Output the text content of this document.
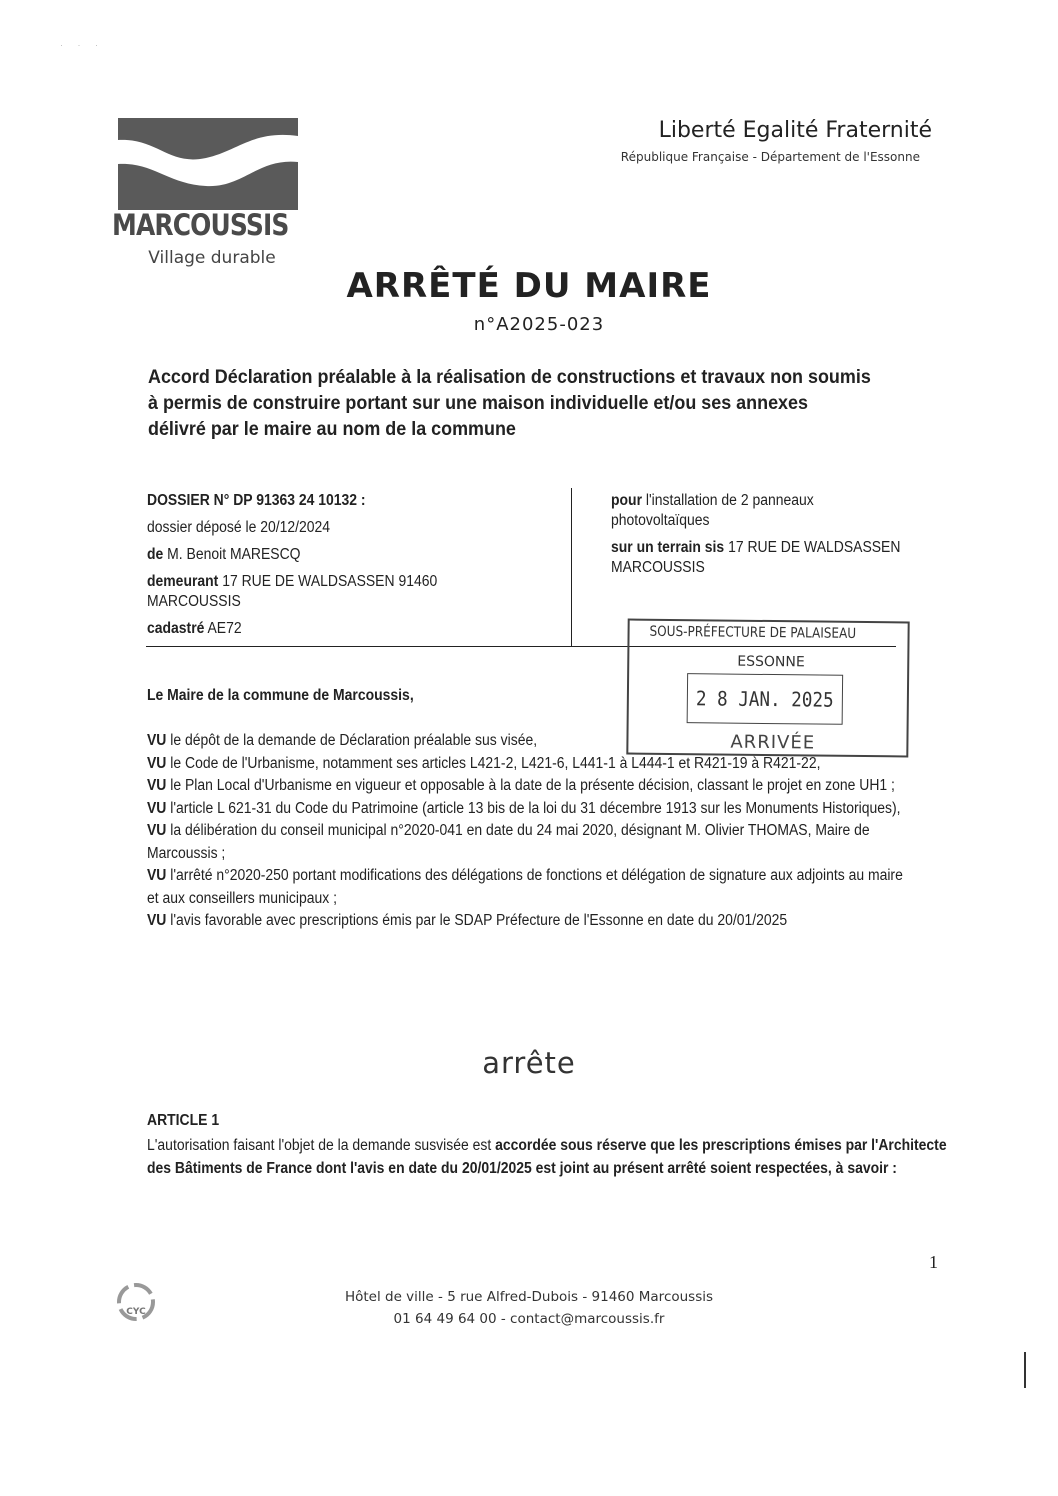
· · ·
MARCOUSSIS
Village durable
Liberté Egalité Fraternité
République Française - Département de l'Essonne
ARRÊTÉ DU MAIRE
n°A2025-023
Accord Déclaration préalable à la réalisation de constructions et travaux non soumis
à permis de construire portant sur une maison individuelle et/ou ses annexes
délivré par le maire au nom de la commune
DOSSIER N° DP 91363 24 10132 :
dossier déposé le 20/12/2024
de M. Benoit MARESCQ
demeurant 17 RUE DE WALDSASSEN 91460
MARCOUSSIS
cadastré AE72
pour l'installation de 2 panneaux
photovoltaïques
sur un terrain sis 17 RUE DE WALDSASSEN
MARCOUSSIS
SOUS-PRÉFECTURE DE PALAISEAU
ESSONNE
2 8 JAN. 2025
ARRIVÉE
Le Maire de la commune de Marcoussis,
VU le dépôt de la demande de Déclaration préalable sus visée,
VU le Code de l'Urbanisme, notamment ses articles L421-2, L421-6, L441-1 à L444-1 et R421-19 à R421-22,
VU le Plan Local d'Urbanisme en vigueur et opposable à la date de la présente décision, classant le projet en zone UH1 ;
VU l'article L 621-31 du Code du Patrimoine (article 13 bis de la loi du 31 décembre 1913 sur les Monuments Historiques),
VU la délibération du conseil municipal n°2020-041 en date du 24 mai 2020, désignant M. Olivier THOMAS, Maire de Marcoussis ;
VU l'arrêté n°2020-250 portant modifications des délégations de fonctions et délégation de signature aux adjoints au maire et aux conseillers municipaux ;
VU l'avis favorable avec prescriptions émis par le SDAP Préfecture de l'Essonne en date du 20/01/2025
arrête
ARTICLE 1
L'autorisation faisant l'objet de la demande susvisée est accordée sous réserve que les prescriptions émises par l'Architecte des Bâtiments de France dont l'avis en date du 20/01/2025 est joint au présent arrêté soient respectées, à savoir :
1
CYC
Hôtel de ville - 5 rue Alfred-Dubois - 91460 Marcoussis
01 64 49 64 00 - contact@marcoussis.fr
